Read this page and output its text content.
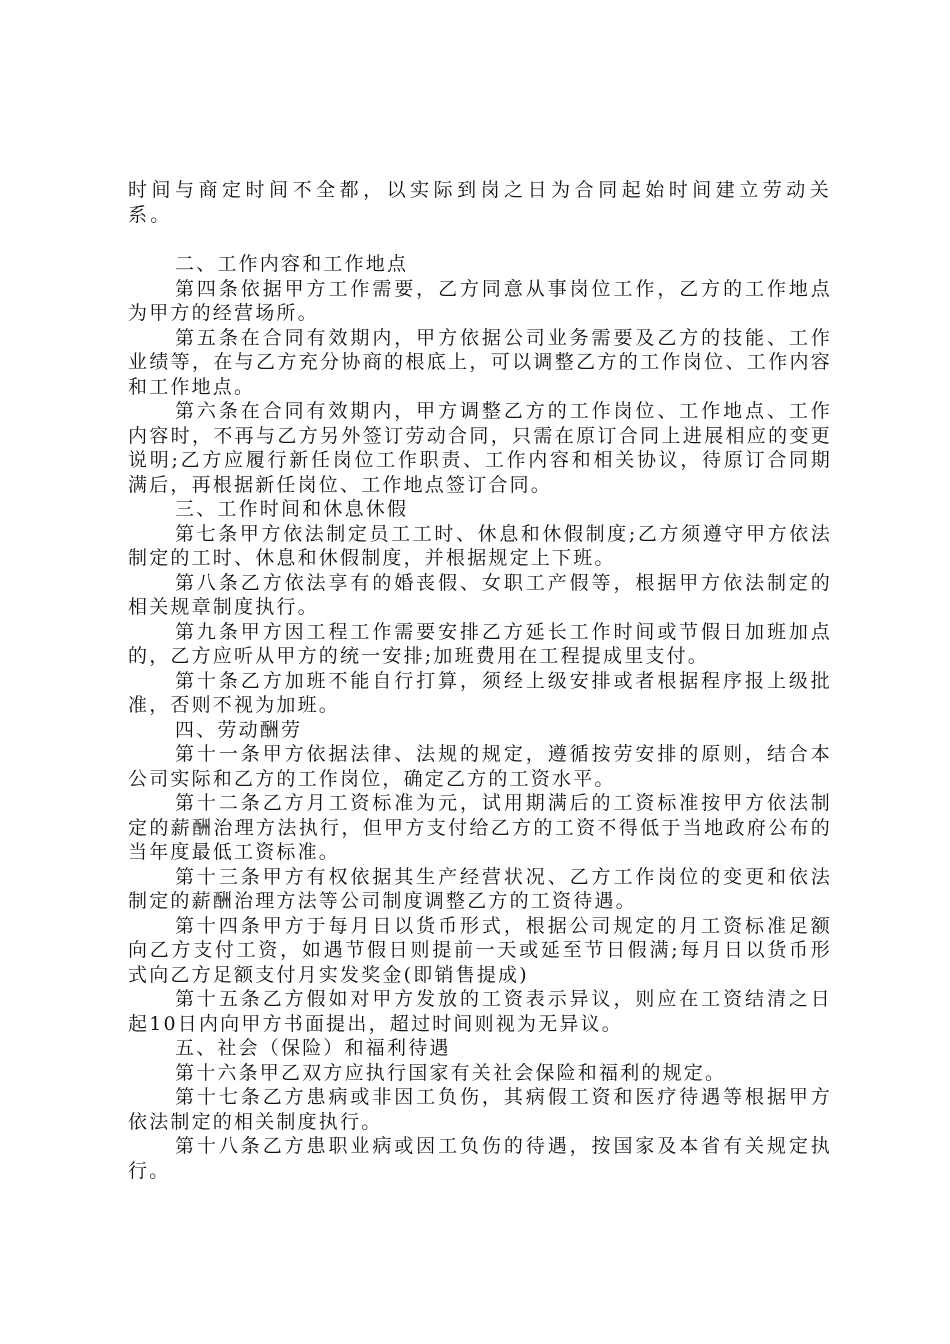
时间与商定时间不全都，以实际到岗之日为合同起始时间建立劳动关系。

二、工作内容和工作地点

第四条依据甲方工作需要，乙方同意从事岗位工作，乙方的工作地点为甲方的经营场所。

第五条在合同有效期内，甲方依据公司业务需要及乙方的技能、工作业绩等，在与乙方充分协商的根底上，可以调整乙方的工作岗位、工作内容和工作地点。

第六条在合同有效期内，甲方调整乙方的工作岗位、工作地点、工作内容时，不再与乙方另外签订劳动合同，只需在原订合同上进展相应的变更说明;乙方应履行新任岗位工作职责、工作内容和相关协议，待原订合同期满后，再根据新任岗位、工作地点签订合同。

三、工作时间和休息休假

第七条甲方依法制定员工工时、休息和休假制度;乙方须遵守甲方依法制定的工时、休息和休假制度，并根据规定上下班。

第八条乙方依法享有的婚丧假、女职工产假等，根据甲方依法制定的相关规章制度执行。

第九条甲方因工程工作需要安排乙方延长工作时间或节假日加班加点的，乙方应听从甲方的统一安排;加班费用在工程提成里支付。

第十条乙方加班不能自行打算，须经上级安排或者根据程序报上级批准，否则不视为加班。

四、劳动酬劳

第十一条甲方依据法律、法规的规定，遵循按劳安排的原则，结合本公司实际和乙方的工作岗位，确定乙方的工资水平。

第十二条乙方月工资标准为元，试用期满后的工资标准按甲方依法制定的薪酬治理方法执行，但甲方支付给乙方的工资不得低于当地政府公布的当年度最低工资标准。

第十三条甲方有权依据其生产经营状况、乙方工作岗位的变更和依法制定的薪酬治理方法等公司制度调整乙方的工资待遇。

第十四条甲方于每月日以货币形式，根据公司规定的月工资标准足额向乙方支付工资，如遇节假日则提前一天或延至节日假满;每月日以货币形式向乙方足额支付月实发奖金(即销售提成)

第十五条乙方假如对甲方发放的工资表示异议，则应在工资结清之日起10日内向甲方书面提出，超过时间则视为无异议。

五、社会（保险）和福利待遇

第十六条甲乙双方应执行国家有关社会保险和福利的规定。

第十七条乙方患病或非因工负伤，其病假工资和医疗待遇等根据甲方依法制定的相关制度执行。

第十八条乙方患职业病或因工负伤的待遇，按国家及本省有关规定执行。
